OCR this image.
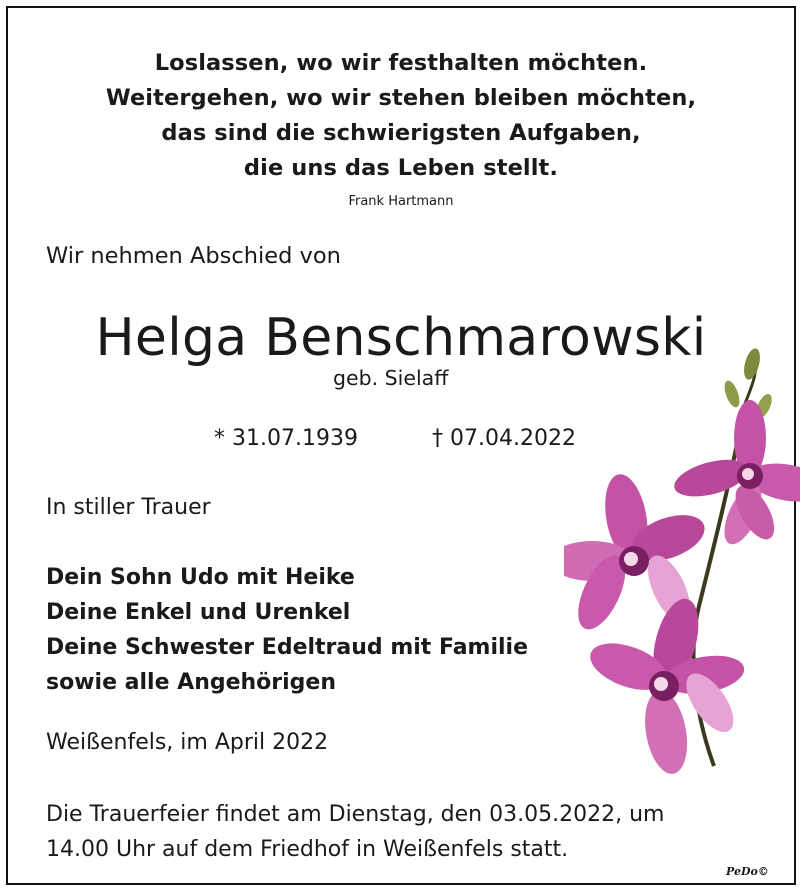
Loslassen, wo wir festhalten möchten.
Weitergehen, wo wir stehen bleiben möchten,
das sind die schwierigsten Aufgaben,
die uns das Leben stellt.
Frank Hartmann
Wir nehmen Abschied von
Helga Benschmarowski
geb. Sielaff
* 31.07.1939	† 07.04.2022
In stiller Trauer
Dein Sohn Udo mit Heike
Deine Enkel und Urenkel
Deine Schwester Edeltraud mit Familie
sowie alle Angehörigen
Weißenfels, im April 2022
Die Trauerfeier findet am Dienstag, den 03.05.2022, um
14.00 Uhr auf dem Friedhof in Weißenfels statt.
PeDo©
